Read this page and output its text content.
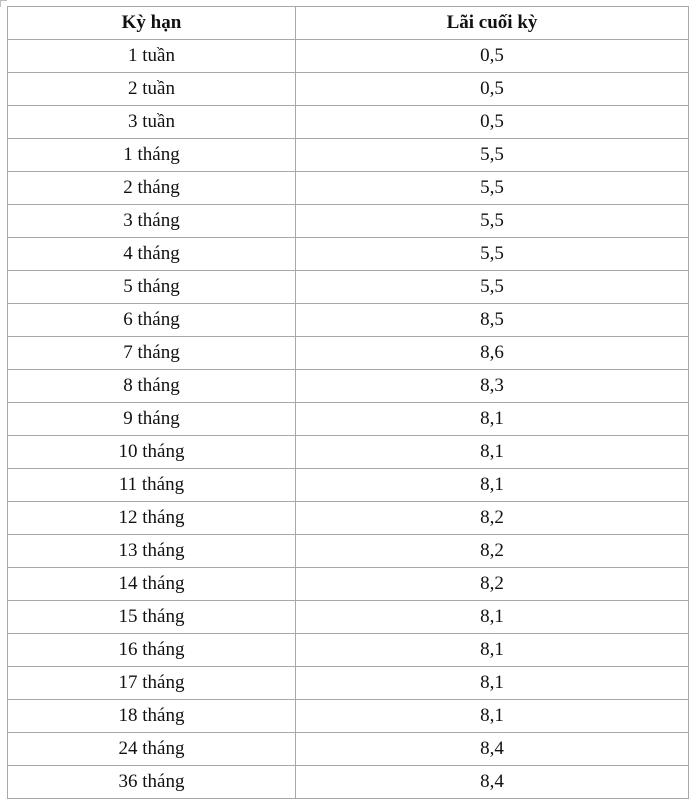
Kỳ hạn	Lãi cuối kỳ
1 tuần	0,5
2 tuần	0,5
3 tuần	0,5
1 tháng	5,5
2 tháng	5,5
3 tháng	5,5
4 tháng	5,5
5 tháng	5,5
6 tháng	8,5
7 tháng	8,6
8 tháng	8,3
9 tháng	8,1
10 tháng	8,1
11 tháng	8,1
12 tháng	8,2
13 tháng	8,2
14 tháng	8,2
15 tháng	8,1
16 tháng	8,1
17 tháng	8,1
18 tháng	8,1
24 tháng	8,4
36 tháng	8,4
